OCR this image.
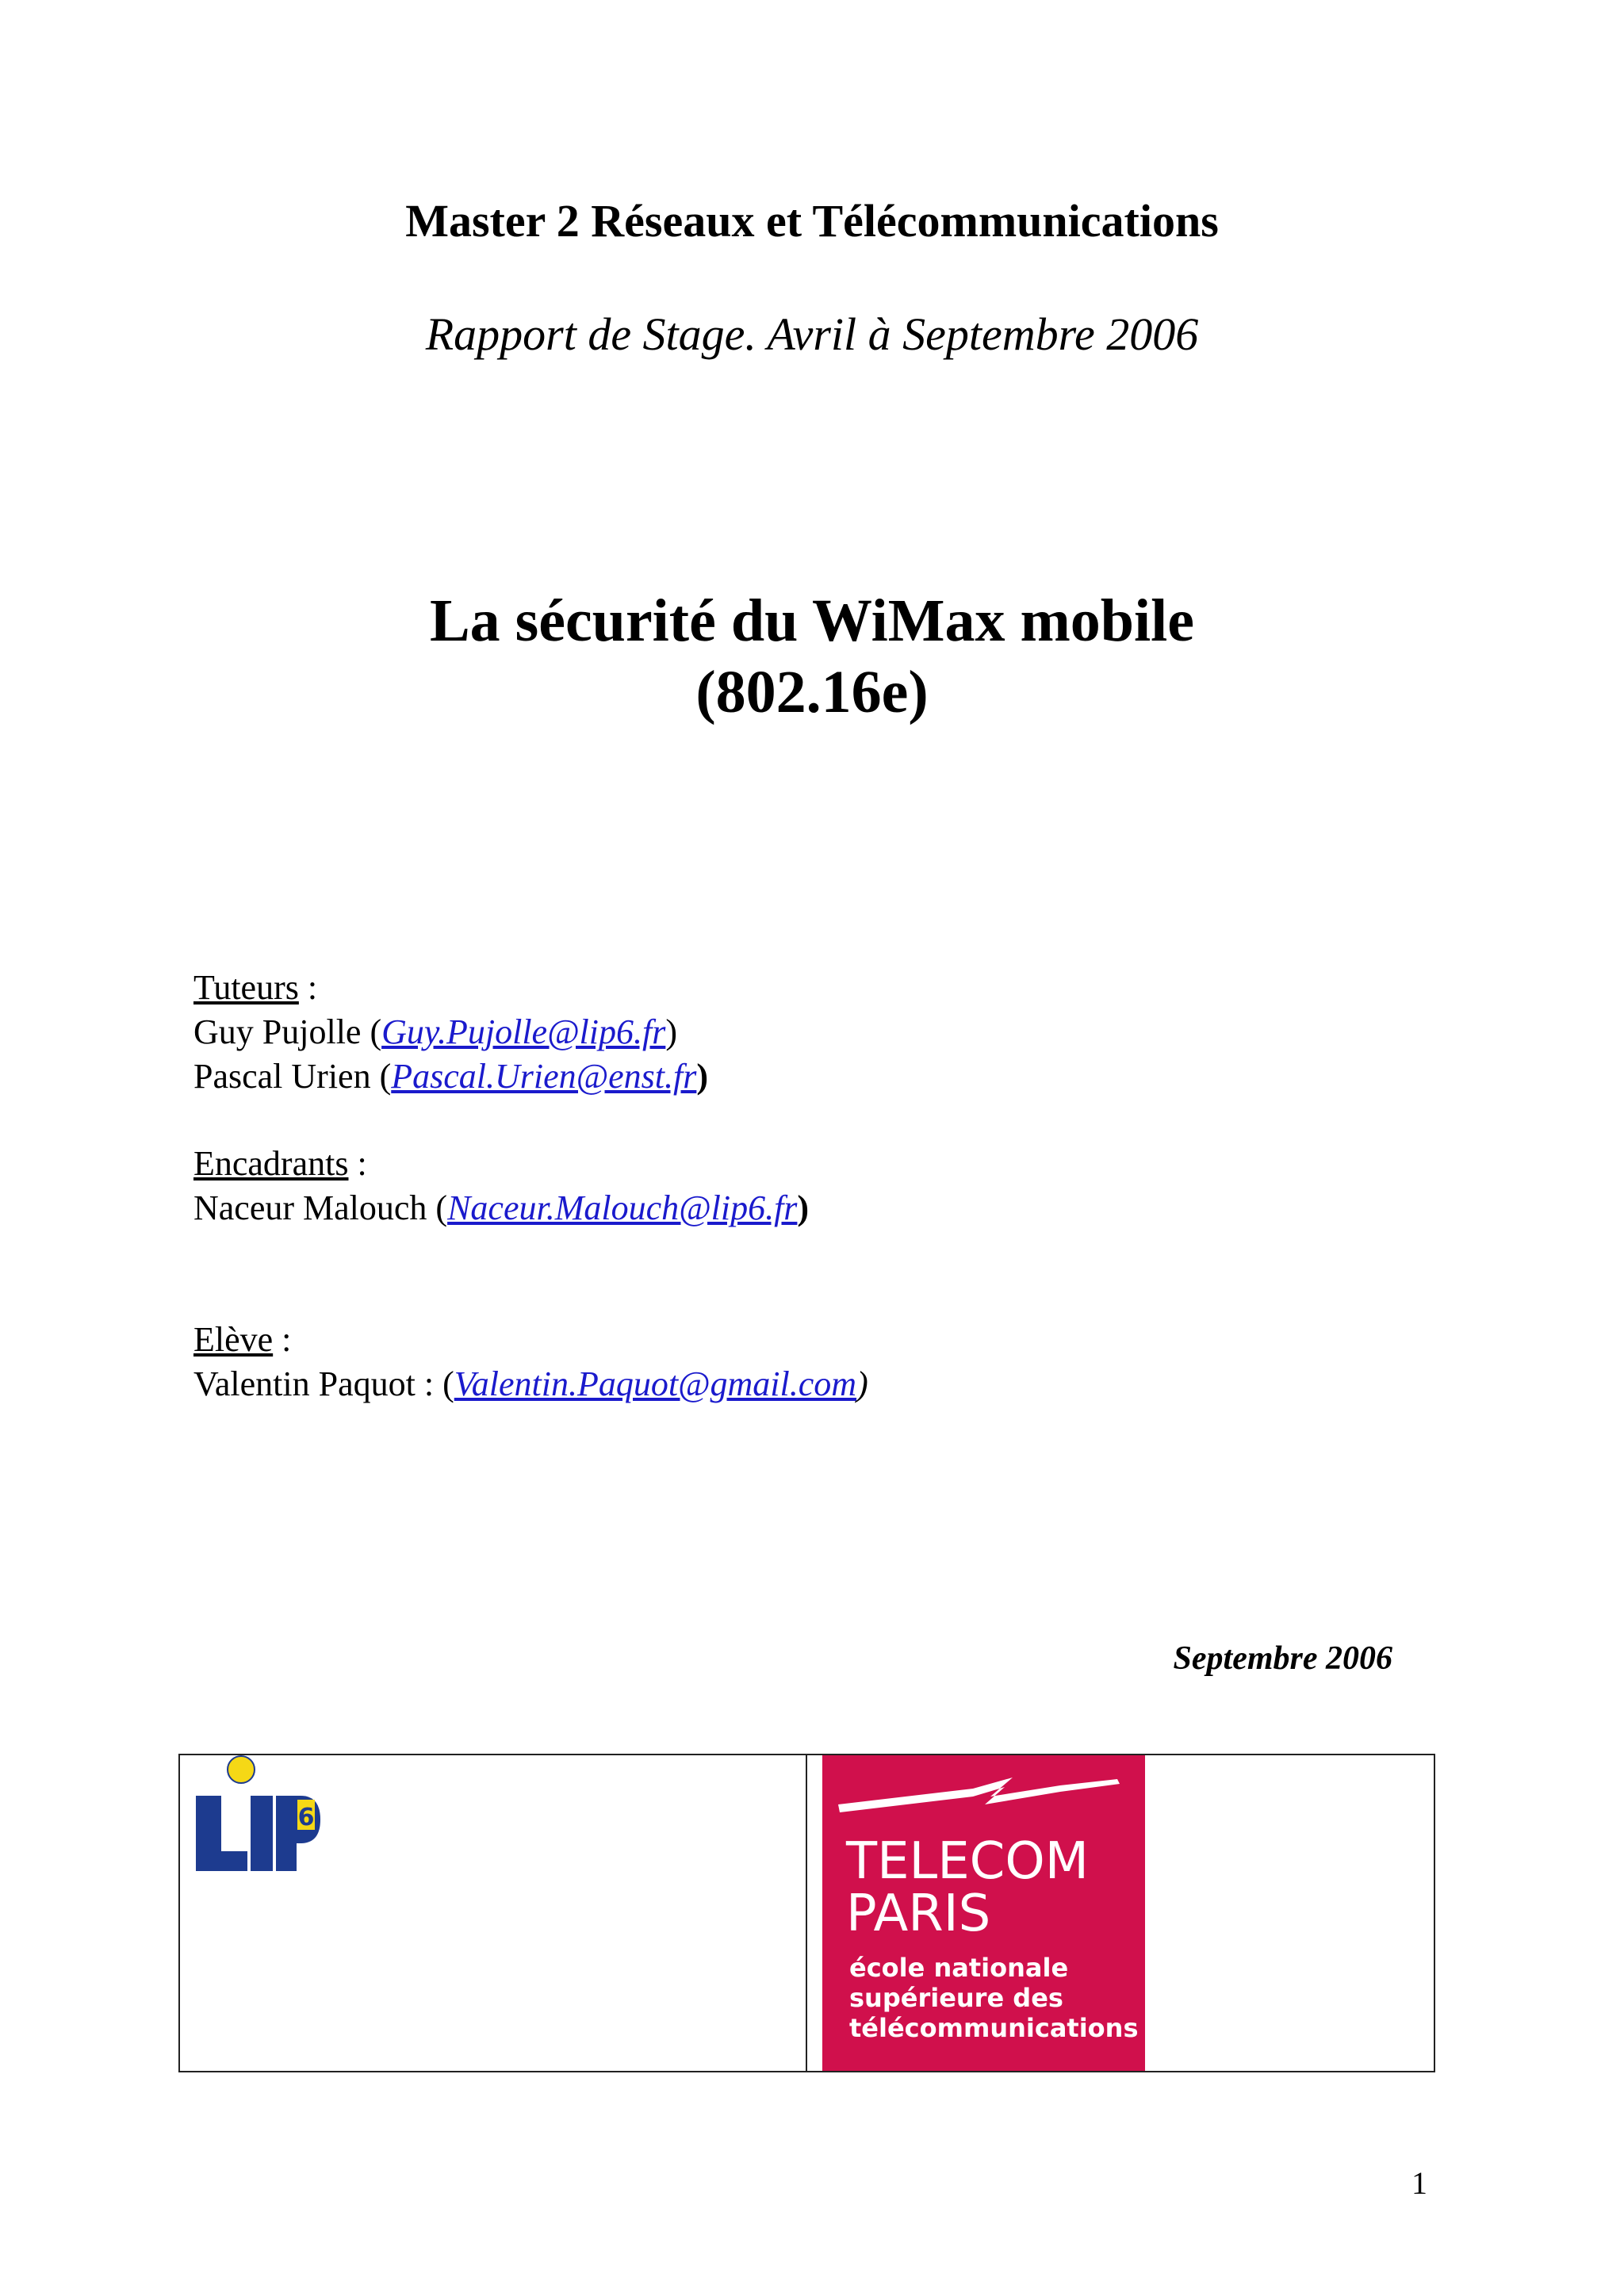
Master 2 Réseaux et Télécommunications
Rapport de Stage. Avril à Septembre 2006
La sécurité du WiMax mobile
(802.16e)
Tuteurs :
Guy Pujolle (Guy.Pujolle@lip6.fr)
Pascal Urien (Pascal.Urien@enst.fr)
Encadrants :
Naceur Malouch (Naceur.Malouch@lip6.fr)
Elève :
Valentin Paquot : (Valentin.Paquot@gmail.com)
Septembre 2006
6
TELECOM
PARIS
école nationale
supérieure des
télécommunications
1
